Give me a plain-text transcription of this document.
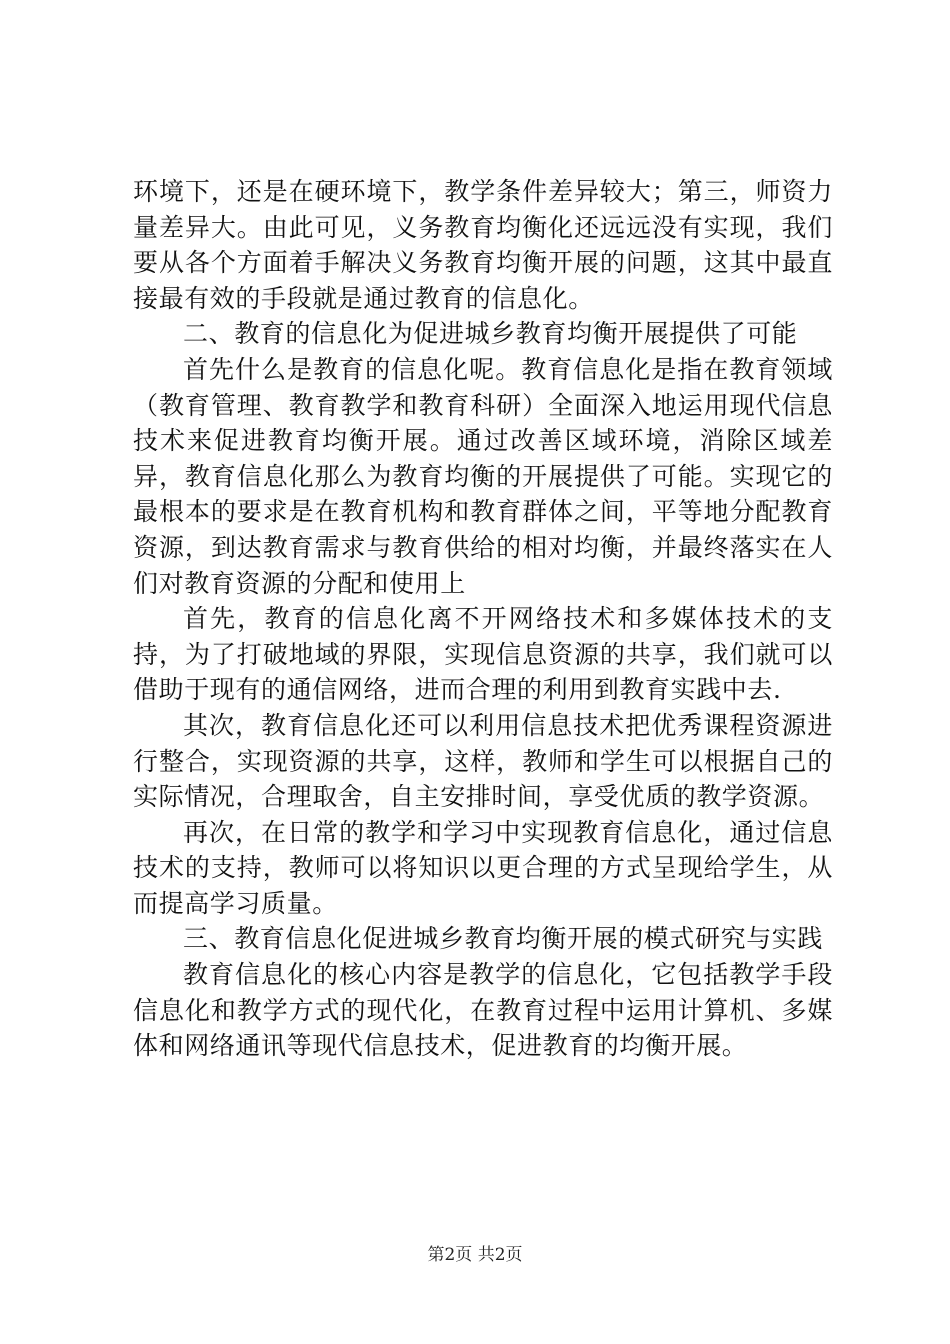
环境下，还是在硬环境下，教学条件差异较大；第三，师资力量差异大。由此可见，义务教育均衡化还远远没有实现，我们要从各个方面着手解决义务教育均衡开展的问题，这其中最直接最有效的手段就是通过教育的信息化。

二、教育的信息化为促进城乡教育均衡开展提供了可能

首先什么是教育的信息化呢。教育信息化是指在教育领域（教育管理、教育教学和教育科研）全面深入地运用现代信息技术来促进教育均衡开展。通过改善区域环境，消除区域差异，教育信息化那么为教育均衡的开展提供了可能。实现它的最根本的要求是在教育机构和教育群体之间，平等地分配教育资源，到达教育需求与教育供给的相对均衡，并最终落实在人们对教育资源的分配和使用上

首先，教育的信息化离不开网络技术和多媒体技术的支持，为了打破地域的界限，实现信息资源的共享，我们就可以借助于现有的通信网络，进而合理的利用到教育实践中去.

其次，教育信息化还可以利用信息技术把优秀课程资源进行整合，实现资源的共享，这样，教师和学生可以根据自己的实际情况，合理取舍，自主安排时间，享受优质的教学资源。

再次，在日常的教学和学习中实现教育信息化，通过信息技术的支持，教师可以将知识以更合理的方式呈现给学生，从而提高学习质量。

三、教育信息化促进城乡教育均衡开展的模式研究与实践

教育信息化的核心内容是教学的信息化，它包括教学手段信息化和教学方式的现代化，在教育过程中运用计算机、多媒体和网络通讯等现代信息技术，促进教育的均衡开展。

第2页 共2页
